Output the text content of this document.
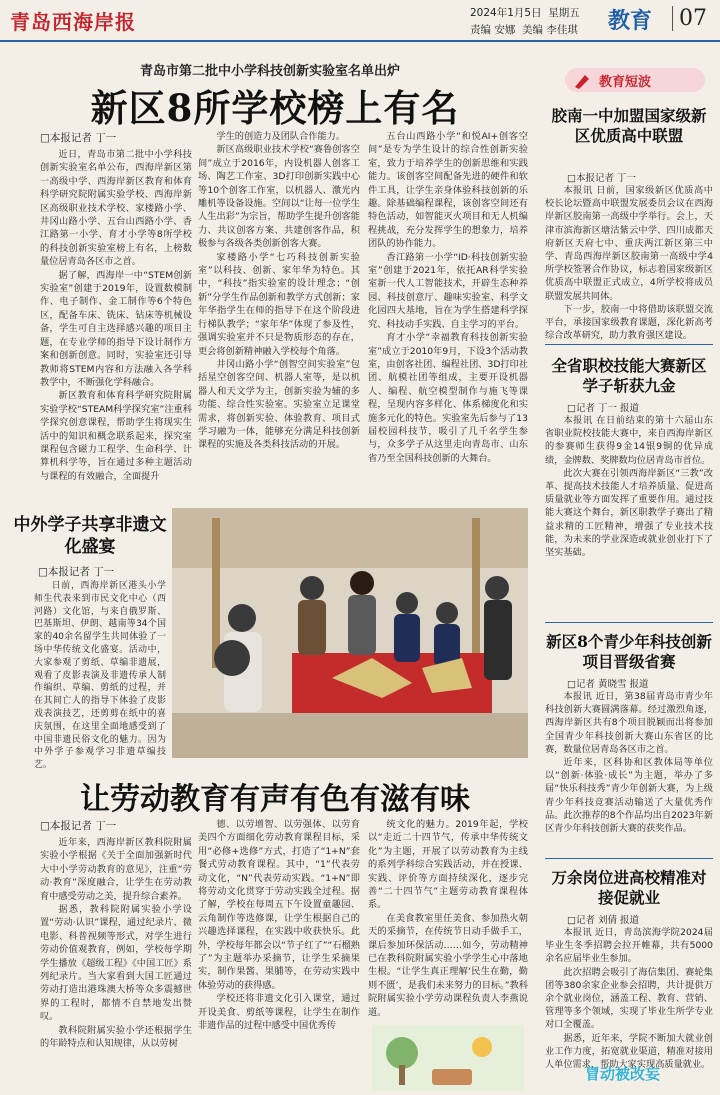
青岛西海岸报	2024年1月5日 星期五
责编 安娜 美编 李佳琪 教育	07
青岛市第二批中小学科技创新实验室名单出炉
新区8所学校榜上有名
□本报记者 丁一

近日，青岛市第二批中小学科技创新实验室名单公布，西海岸新区第一高级中学、西海岸新区教育和体育科学研究院附属实验学校、西海岸新区高级职业技术学校、家楼路小学、井冈山路小学、五台山西路小学、香江路第一小学、育才小学等8所学校的科技创新实验室榜上有名，上榜数量位居青岛各区市之首。

据了解，西海岸一中“STEM创新实验室”创建于2019年，设置数模制作、电子制作、金工制作等6个特色区，配备车床、铣床、钻床等机械设备，学生可自主选择感兴趣的项目主题，在专业学师的指导下设计制作方案和创新创意。同时，实验室还引导教师将STEM内容和方法融入各学科教学中，不断强化学科融合。

新区教育和体育科学研究院附属实验学校“STEAM科学探究室”注重科学探究创意课程，帮助学生将现实生活中的知识和概念联系起来，探究室课程包含磁力工程学、生命科学、计算机科学等，旨在通过多种主题活动与课程的有效融合，全面提升

学生的创造力及团队合作能力。

新区高级职业技术学校“赛鲁创客空间”成立于2016年，内设机器人创客工场、陶艺工作室、3D打印创新实践中心等10个创客工作室，以机器人、激光内雕机等设备设施。空间以“让每一位学生人生出彩”为宗旨，帮助学生提升创客能力、共议创客方案、共建创客作品，积极参与各级各类创新创客大赛。

家楼路小学“七巧科技创新实验室”以科技、创新、家年华为特色。其中，“科技”指实验室的设计理念；“创新”分学生作品创新和教学方式创新；家年华指学生在师的指导下在这个阶段进行梯队教学；“家年华”体现了参及性，强调实验室并不只是物质形态的存在，更会将创新精神融入学校每个角落。

井冈山路小学“创智空间实验室”包括星空创客空间、机器人室等，是以机器人和天文学为主，创新实验为辅的多功能、综合性实验室。实验室立足课堂需求，将创新实验、体验教育、项目式学习融为一体，能够充分满足科技创新课程的实施及各类科技活动的开展。

五台山西路小学“和悦AI+创客空间”是专为学生设计的综合性创新实验室，致力于培养学生的创新思维和实践能力。该创客空间配备先进的硬件和软件工具，让学生亲身体验科技创新的乐趣。除基础编程课程，该创客空间还有特色活动，如智能灭火项目和无人机编程挑战，充分发挥学生的想象力，培养团队的协作能力。

香江路第一小学“ID·科技创新实验室”创建于2021年，依托AR科学实验室新一代人工智能技术，开辟生态种养园、科技创意厅、趣味实验室、科学文化园四大基地，旨在为学生搭建科学探究、科技动手实践、自主学习的平台。

育才小学“幸福教育科技创新实验室”成立于2010年9月，下设3个活动教室，由创客社团、编程社团、3D打印社团、航模社团等组成，主要开设机器人、编程、航空模型制作与施飞等课程，呈现内容多样化、体系梯度化和实施多元化的特色。实验室先后参与了13届校园科技节，吸引了几千名学生参与，众多学子从这里走向青岛市、山东省乃至全国科技创新的大舞台。

中外学子共享非遗文化盛宴
□本报记者 丁一

日前，西海岸新区港头小学师生代表来到市民文化中心（西河路）文化馆，与来自俄罗斯、巴基斯坦、伊朗、越南等34个国家的40余名留学生共同体验了一场中华传统文化盛宴。活动中，大家参观了剪纸、草编非遗展，观看了皮影表演及非遗传承人制作编织、草编、剪纸的过程，并在其间亡人的指导下体验了皮影戏表演技艺，还剪剪在纸中的喜庆氛围，在这里全面地感受到了中国非遗民俗文化的魅力。因为中外学子参观学习非遗草编技艺。

让劳动教育有声有色有滋有味
□本报记者 丁一

近年来，西海岸新区教科院附属实验小学根据《关于全面加强新时代大中小学劳动教育的意见》，注重“劳动·教育”深度融合，让学生在劳动教育中感受劳动之美，提升综合素养。

据悉，教科院附属实验小学设置“劳动·认识”课程，通过纪录片、微电影、科普视频等形式，对学生进行劳动价值观教育，例如，学校每学期学生播放《超级工程》《中国工匠》系列纪录片。当大家看到大国工匠通过劳动打造出港珠澳大桥等众多震撼世界的工程时，都情不自禁地发出赞叹。

教科院附属实验小学还根据学生的年龄特点和认知规律，从以劳树

德、以劳增智、以劳强体、以劳育美四个方面细化劳动教育课程目标，采用“必修+选修”方式，打造了“1+N”套餐式劳动教育课程。其中，“1”代表劳动文化，“N”代表劳动实践。“1+N”即将劳动文化贯穿于劳动实践全过程。据了解，学校在每周五下午设置童趣园、云角制作等选修课，让学生根据自己的兴趣选择课程，在实践中收获快乐。此外，学校每年都会以“节子红了”“石榴熟了”为主题举办采摘节，让学生采摘果实，制作果酱、果脯等，在劳动实践中体验劳动的获得感。

学校还将非遗文化引入课堂，通过开设美食、剪纸等课程，让学生在制作非遗作品的过程中感受中国优秀传

统文化的魅力。2019年起，学校以“走近二十四节气，传承中华传统文化”为主题，开展了以劳动教育为主线的系列学科综合实践活动，并在授课、实践、评价等方面持续深化，逐步完善“二十四节气”主题劳动教育课程体系。

在美食教室里任美食、参加热火朝天的采摘节，在传统节日动手做手工，课后参加环保活动……如今，劳动精神已在教科院附属实验小学学生心中落地生根。“让学生真正理解‘民生在勤，勤则不匮’，是我们未来努力的目标。”教科院附属实验小学劳动课程负责人李燕说道。

教育短波
胶南一中加盟国家级新区优质高中联盟
□本报记者 丁一

本报讯 日前，国家级新区优质高中校长论坛暨高中联盟发展委员会议在西海岸新区胶南第一高级中学举行。会上，天津市滨海新区塘沽紫云中学、四川成都天府新区天府七中、重庆两江新区第三中学、青岛西海岸新区胶南第一高级中学4所学校签署合作协议，标志着国家级新区优质高中联盟正式成立，4所学校将成员联盟发展共同体。

下一步，胶南一中将借助该联盟交流平台，承接国家级教育课题，深化新高考综合改革研究，助力教育强区建设。

全省职校技能大赛新区学子斩获九金
□记者 丁一 报道

本报讯 在日前结束的第十六届山东省职业院校技能大赛中，来自西海岸新区的参赛师生获得9金14银9铜的优异成绩，金牌数、奖牌数均位居青岛市首位。

此次大赛在引领西海岸新区“三教”改革、提高技术技能人才培养质量、促进高质量就业等方面发挥了重要作用。通过技能大赛这个舞台，新区职教学子赛出了精益求精的工匠精神，增强了专业技术技能，为未来的学业深造或就业创业打下了坚实基础。

新区8个青少年科技创新项目晋级省赛
□记者 黄晓雪 报道

本报讯 近日，第38届青岛市青少年科技创新大赛圆满落幕。经过激烈角逐，西海岸新区共有8个项目脱颖而出将参加全国青少年科技创新大赛山东省区的比赛，数量位居青岛各区市之首。

近年来，区科协和区教体局等单位以“创新·体验·成长”为主题，举办了多届“快乐科技秀”青少年创新大赛，为上级青少年科技竞赛活动输送了大量优秀作品。此次推荐的8个作品均出自2023年新区青少年科技创新大赛的获奖作品。

万余岗位进高校精准对接促就业
□记者 刘倩 报道

本报讯 近日，青岛滨海学院2024届毕业生冬季招聘会拉开帷幕，共有5000余名应届毕业生参加。

此次招聘会吸引了海信集团、赛轮集团等380余家企业参会招聘，共计提供万余个就业岗位，涵盖工程、教育、营销、管理等多个领域，实现了毕业生所学专业对口全覆盖。

据悉，近年来，学院不断加大就业创业工作力度，拓宽就业渠道，精准对接用人单位需求，帮助大家实现高质量就业。

冒动被改妄
